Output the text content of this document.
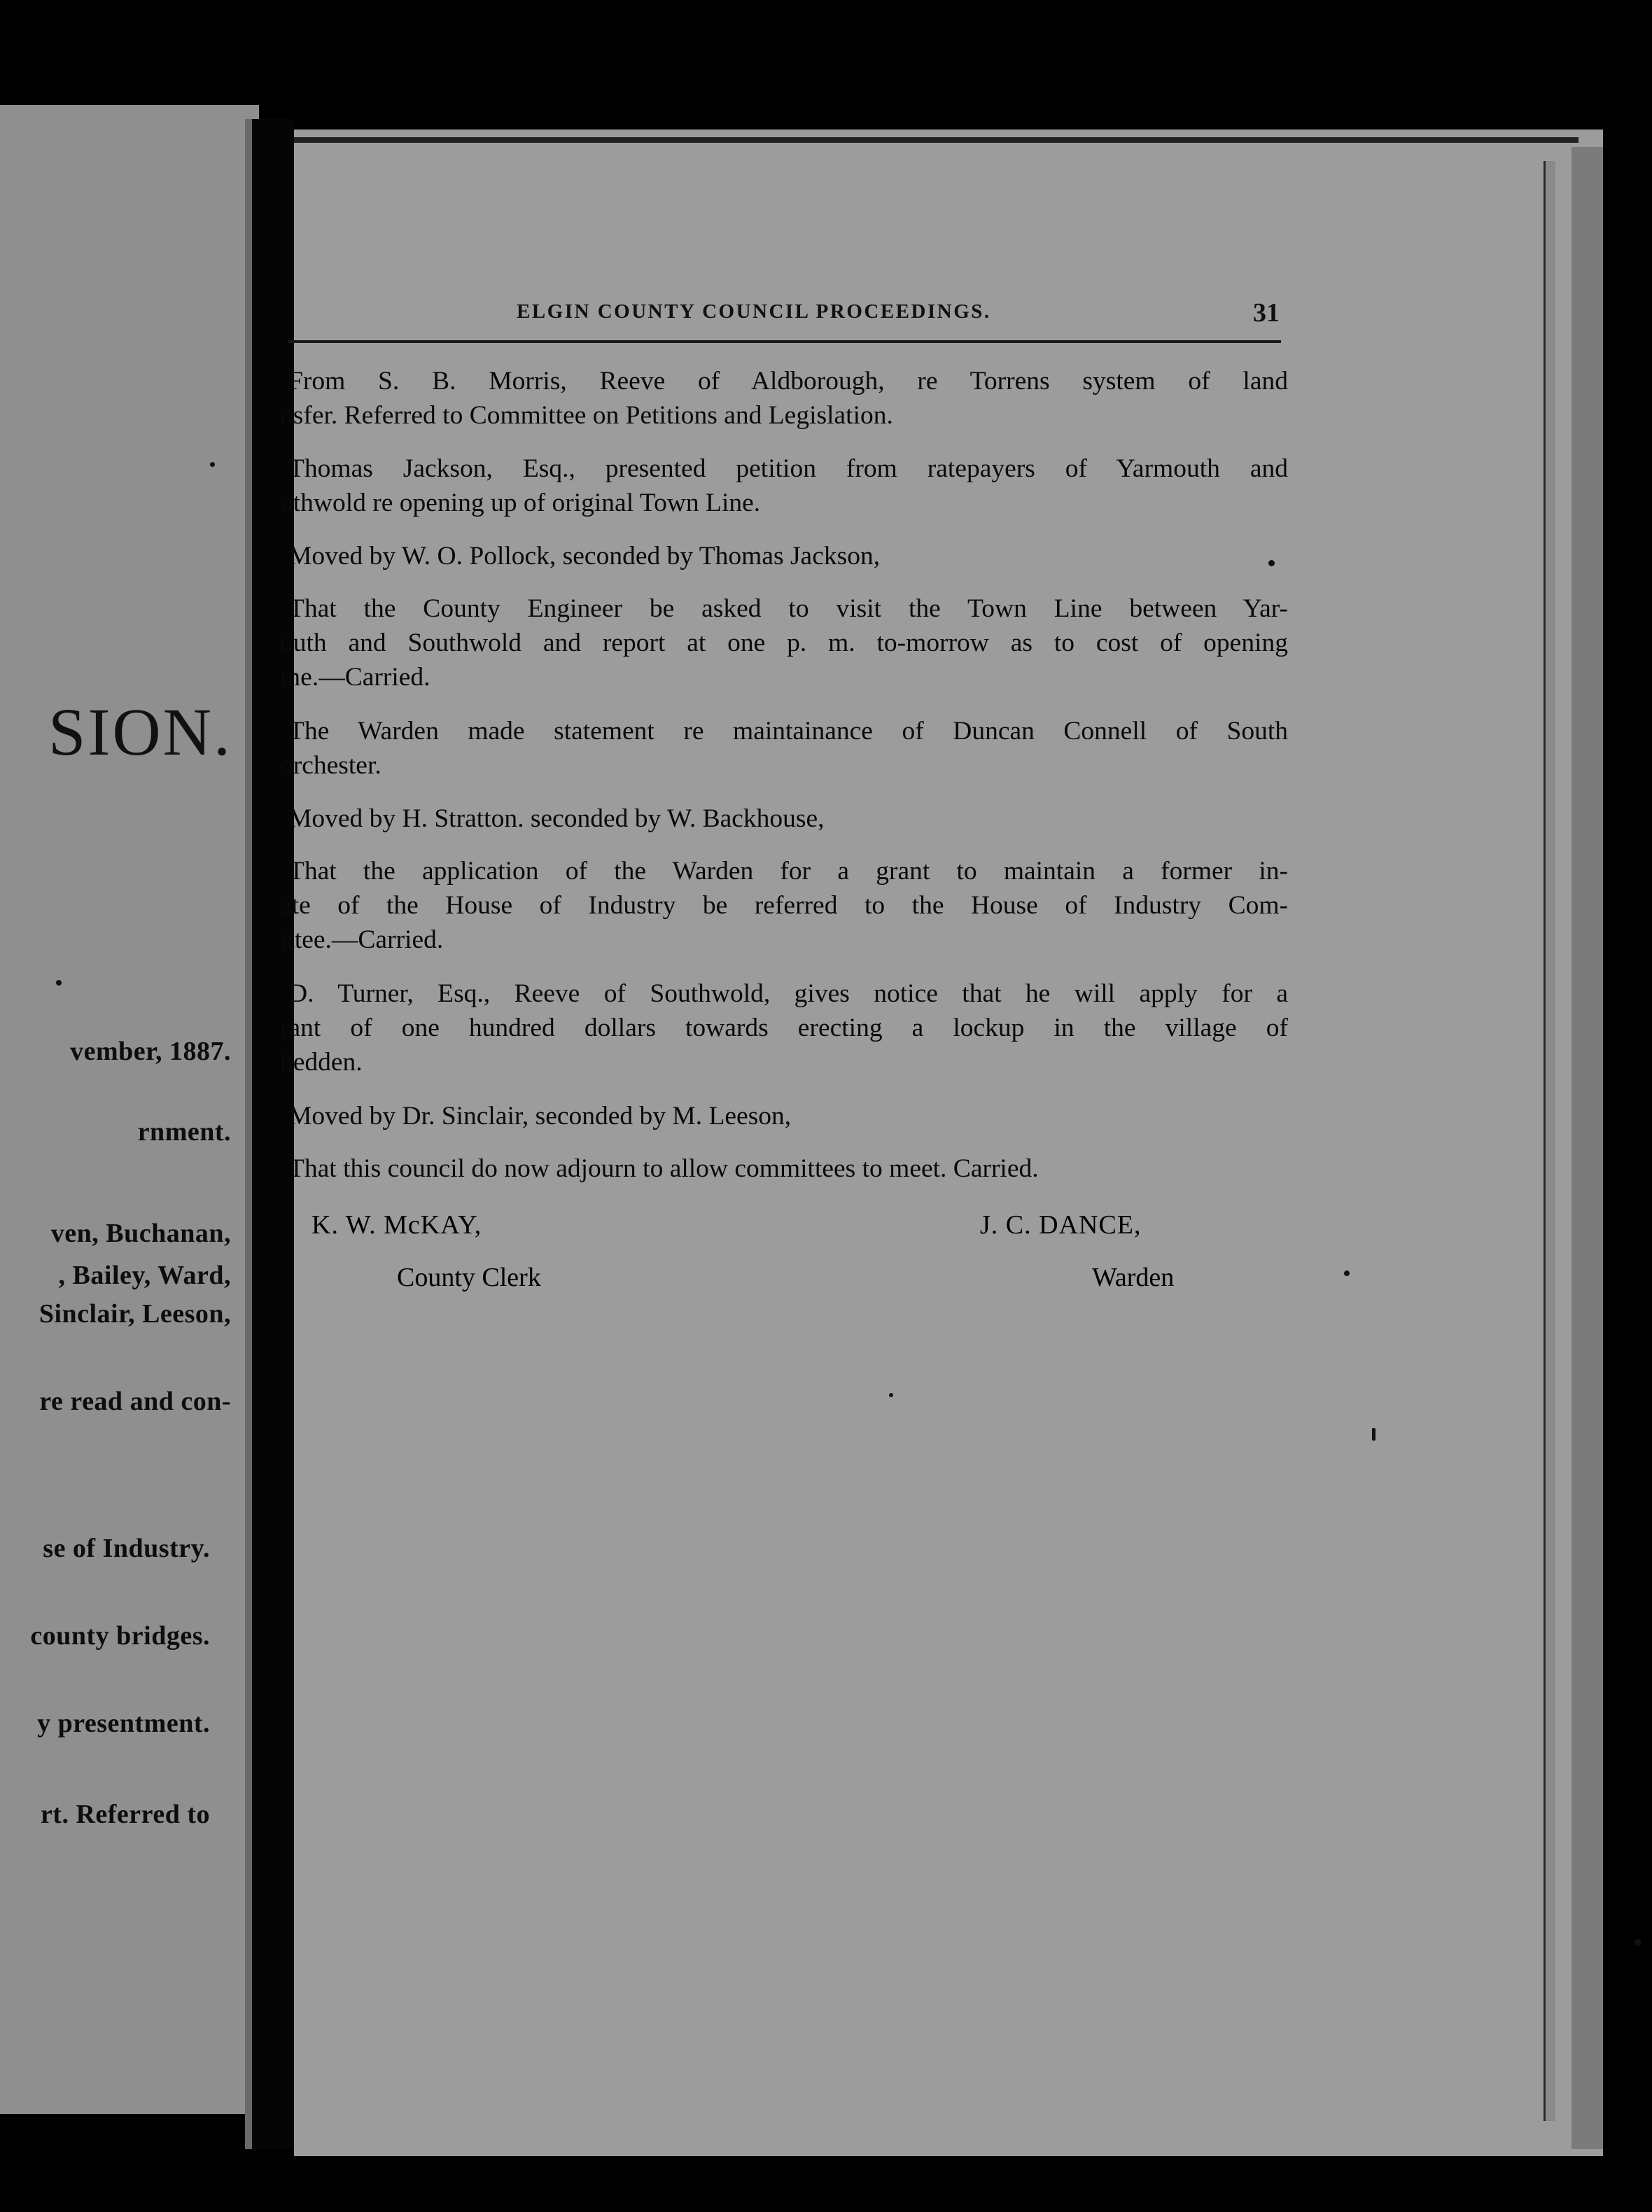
SION.
vember, 1887.
rnment.
ven, Buchanan,
, Bailey, Ward,
Sinclair, Leeson,
re read and con-
se of Industry.
county bridges.
y presentment.
rt. Referred to
ELGIN COUNTY COUNCIL PROCEEDINGS.	31

From S. B. Morris, Reeve of Aldborough, re Torrens system of land

nsfer. Referred to Committee on Petitions and Legislation.

Thomas Jackson, Esq., presented petition from ratepayers of Yarmouth and

uthwold re opening up of original Town Line.

Moved by W. O. Pollock, seconded by Thomas Jackson,

That the County Engineer be asked to visit the Town Line between Yar-

outh and Southwold and report at one p. m. to-morrow as to cost of opening

me.—Carried.

The Warden made statement re maintainance of Duncan Connell of South

orchester.

Moved by H. Stratton. seconded by W. Backhouse,

That the application of the Warden for a grant to maintain a former in-

ate of the House of Industry be referred to the House of Industry Com-

ittee.—Carried.

D. Turner, Esq., Reeve of Southwold, gives notice that he will apply for a

rant of one hundred dollars towards erecting a lockup in the village of

hedden.

Moved by Dr. Sinclair, seconded by M. Leeson,

That this council do now adjourn to allow committees to meet. Carried.

K. W. McKAY,
County Clerk
J. C. DANCE,
Warden
